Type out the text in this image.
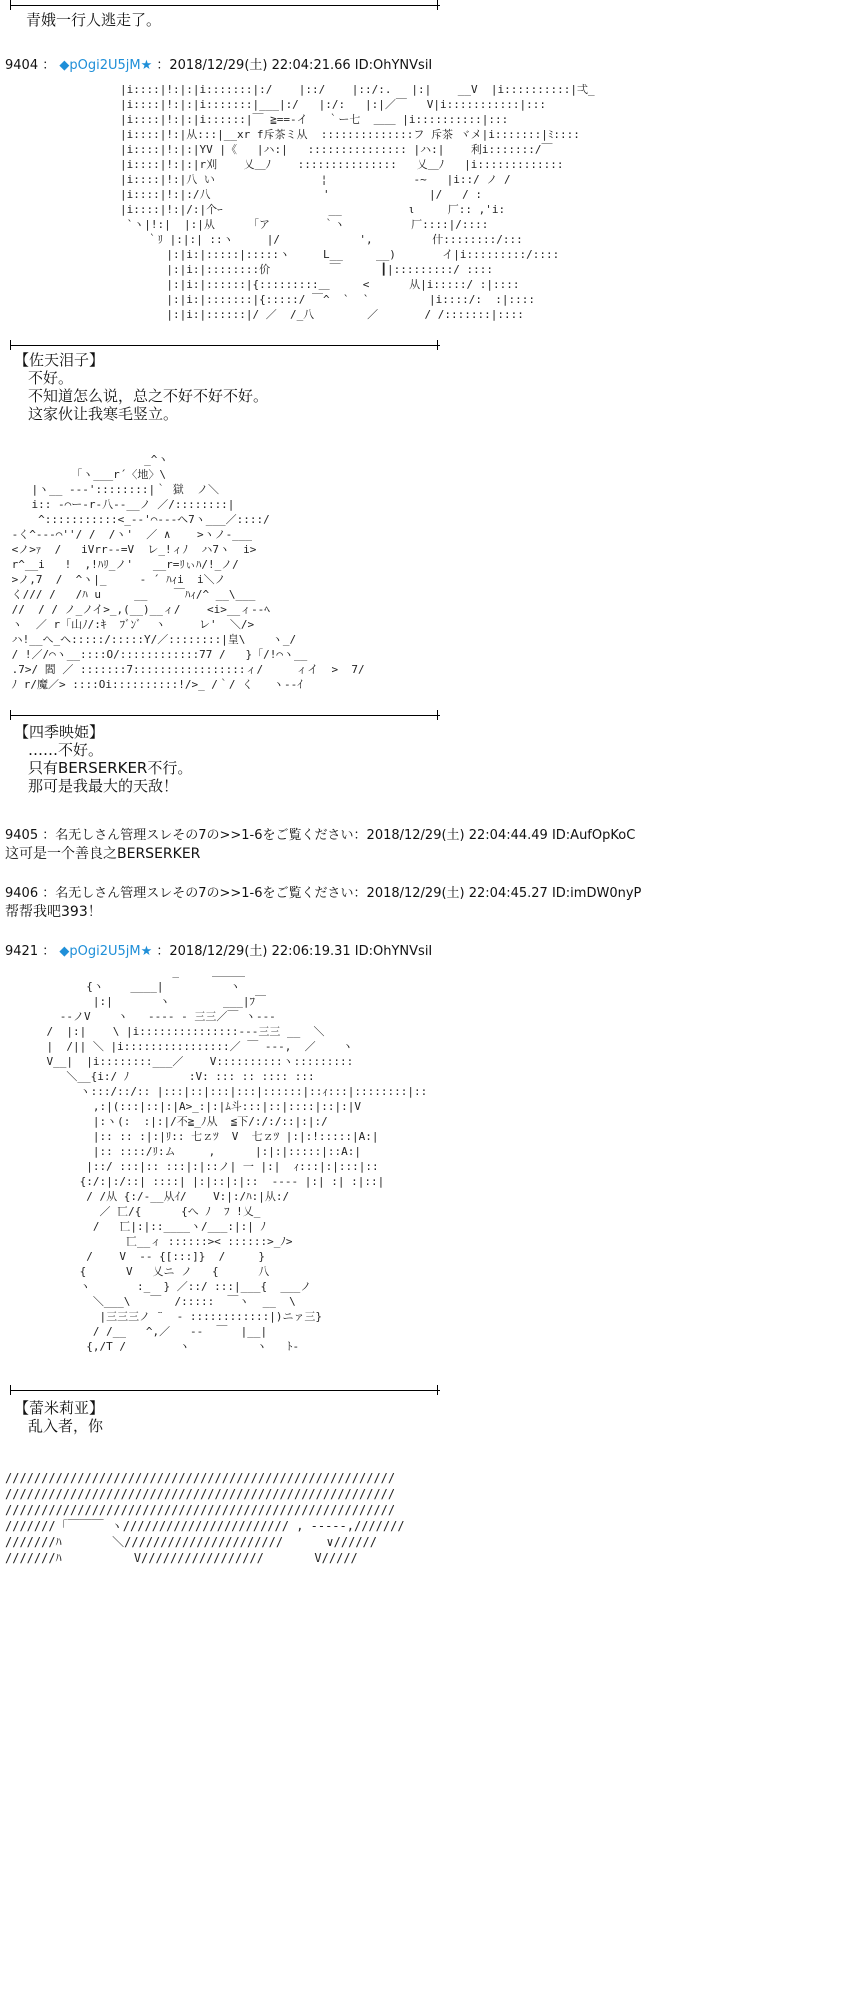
青娥一行人逃走了。
9404 ： ◆pOgi2U5jM★ ：2018/12/29(土) 22:04:21.66 ID:OhYNVsiI
|i::::|!:|:|i:::::::|:/    |::/    |::/:.   |:|    __V  |i::::::::::|弌_
|i::::|!:|:|i:::::::|___|:/   |:/:   |:|／￣   V|i:::::::::::|:::
|i::::|!:|:|i::::::|￣ ≧==-イ   ｀ー七  ＿＿ |i::::::::::|:::
|i::::|!:|从:::|__xr f斥茶ミ从  ::::::::::::::フ 斥茶 ヾメ|i:::::::|ﾐ::::
|i::::|!:|:|YV |《   |ハ:|   ::::::::::::::: |ハ:|    利i:::::::/￣
|i::::|!:|:|r刈    乂＿ﾉ    :::::::::::::::   乂＿ﾉ   |i:::::::::::::
|i::::|!:|八 い                ¦             ‐~   |i::/ ノ /
|i::::|!:|:/八                 '               |/   / :
|i::::|!:|/:|个ｰ                __          ι     厂:: ,'i:
`ヽ|!:|  |:|从     「ア        ｀ヽ          厂::::|/::::
｀ﾘ |:|:| ::ヽ     |/            ',         什::::::::/:::
|:|i:|:::::|:::::ヽ     L__     __)       イ|i:::::::::/::::
|:|i:|::::::::价         ￣      ┃|:::::::::/ ::::
|:|i:|::::::|{:::::::::＿     <      从|i:::::/ :|::::
|:|i:|:::::::|{:::::/ ￣^  `  `         |i::::/:  :|::::
|:|i:|::::::|/ ／  /_八        ／       / /:::::::|::::
【佐天泪子】
不好。
不知道怎么说，总之不好不好不好。
这家伙让我寒毛竖立。
_^ヽ
「ヽ___r´〈地〉\
|ヽ__ -‐‐'::::::::|｀ 獄  ノ＼
i:: ‐⌒ー-r-八‐-__ノ ／/::::::::|
^:::::::::::<_-‐'⌒‐‐‐ヘ7ヽ___／::::/
-く^-‐‐⌒''/ /  /ヽ'  ／ ∧    >ヽノ-___
<ノ>ｧ  /   iVrr‐‐=V  レ_!ィﾉ  ハ7ヽ  i>
r^__i   !  ,!ﾊﾘ_ノ'   __r=ﾘぃﾊ/!_ノ/
>ノ,7  /  ^ヽ|_     ‐ ´ ﾊｨi  i＼ノ
く/// /   /ﾊ u     __    ￣ﾊｨ/^ __\___
//  / / ノ_ノイ>_,(__)__ィ/    <i>__ィ‐‐ﾍ
ヽ  ／ r「山ﾉ/:ｷ  ﾌﾞﾝﾞ  ヽ     レ'  ＼/>
ハ!__へ_ヘ:::::/:::::Y/／::::::::|皇\    ヽ_/
/ !／/⌒ヽ__::::O/::::::::::::77 /   }「/!⌒ヽ__
.7>/ 閻 ／ :::::::7:::::::::::::::::ィ/     ィイ  >  7/
ﾉ r/魔／> ::::Oi::::::::::!/>_ /｀/ く   ヽ‐‐ｲ
【四季映姫】
……不好。
只有BERSERKER不行。
那可是我最大的天敌！
9405 ：名无しさん管理スレその7の>>1-6をご覧ください：2018/12/29(土) 22:04:44.49 ID:AufOpKoC
这可是一个善良之BERSERKER
9406 ：名无しさん管理スレその7の>>1-6をご覧ください：2018/12/29(土) 22:04:45.27 ID:imDW0nyP
帮帮我吧393！
9421 ： ◆pOgi2U5jM★ ：2018/12/29(土) 22:06:19.31 ID:OhYNVsiI
_     ＿＿＿
{ヽ    ____|          ヽ
|:|       ヽ        ___|ﾌ￣
‐‐ノV    ヽ   ‐‐‐‐ - 三三／￣ ヽ‐‐‐
/  |:|    \ |i:::::::::::::::---三三 __  ＼
|  /|| ＼ |i::::::::::::::::／ ￣ ‐‐‐,  ／    ヽ
V__|  |i::::::::___／    V::::::::::ヽ:::::::::
＼__{i:/ ﾉ         :V: ::: :: :::: :::
ヽ:::/::/:: |:::|::|:::|:::|::::::|::ｨ:::|::::::::|::
,:|(:::|::|:|A>_:|:|ﾑ斗:::|::|::::|::|:|V
|:ヽ(:  :|:|/不≧_ﾉ从  ≦下/:/:/::|:|:/
|:: :: :|:|ﾘ:: 七ｚﾂ  V  七ｚﾂ |:|:!:::::|A:|
|:: ::::/ﾘ:ム     ,      |:|:|:::::|::A:|
|::/ :::|:: :::|:|::ノ| 一 |:|  ｨ:::|:|:::|::
{:/:|:/::| ::::| |:|::|:|::  ‐‐‐‐ |:| :| :|::|
/ /从 {:/-__从ｲ/    V:|:/ﾊ:|从:/
／ 匸/{      {へ ﾉ  ﾌ !乂_
/   匸|:|::____ヽ/___:|:| ﾉ
匸__ィ ::::::>< ::::::>_ﾉ>
/    V  ‐‐ {[:::]}  /     }
{      V   乂ニ ノ   {      八
ヽ       :_  } ／::/ :::|___{  ___ノ
＼___\   ￣  /:::::  ￣ヽ  __  \
|三三三ノ ¨  ‐ ::::::::::::|)ニァ三}
/ /__   ^,／   ‐‐  ￣  |__|
{,/T /        ヽ          ヽ   ﾄ‐
【蕾米莉亚】
乱入者，你
//////////////////////////////////////////////////////
//////////////////////////////////////////////////////
//////////////////////////////////////////////////////
///////「￣￣￣ ヽ/////////////////////// , ‐‐‐--,///////
///////ﾊ       ＼//////////////////////      ∨//////
///////ﾊ          V/////////////////       V/////
